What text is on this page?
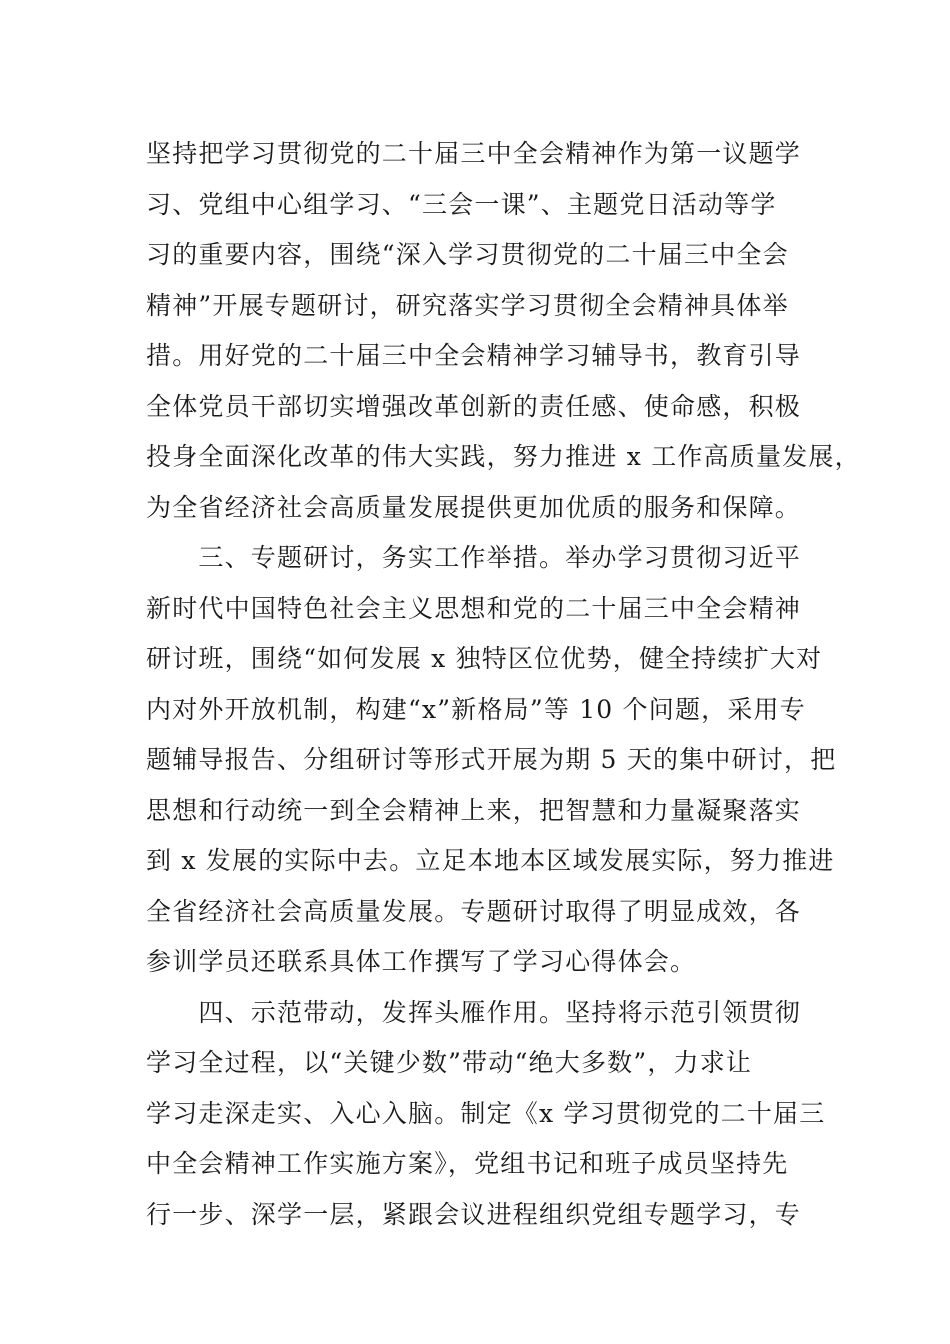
坚持把学习贯彻党的二十届三中全会精神作为第一议题学
习、党组中心组学习、“三会一课”、主题党日活动等学
习的重要内容，围绕“深入学习贯彻党的二十届三中全会
精神”开展专题研讨，研究落实学习贯彻全会精神具体举
措。用好党的二十届三中全会精神学习辅导书，教育引导
全体党员干部切实增强改革创新的责任感、使命感，积极
投身全面深化改革的伟大实践，努力推进 x 工作高质量发展，
为全省经济社会高质量发展提供更加优质的服务和保障。

　　三、专题研讨，务实工作举措。举办学习贯彻习近平
新时代中国特色社会主义思想和党的二十届三中全会精神
研讨班，围绕“如何发展 x 独特区位优势，健全持续扩大对
内对外开放机制，构建“x”新格局”等 10 个问题，采用专
题辅导报告、分组研讨等形式开展为期 5 天的集中研讨，把
思想和行动统一到全会精神上来，把智慧和力量凝聚落实
到 x 发展的实际中去。立足本地本区域发展实际，努力推进
全省经济社会高质量发展。专题研讨取得了明显成效，各
参训学员还联系具体工作撰写了学习心得体会。

　　四、示范带动，发挥头雁作用。坚持将示范引领贯彻
学习全过程，以“关键少数”带动“绝大多数”，力求让
学习走深走实、入心入脑。制定《x 学习贯彻党的二十届三
中全会精神工作实施方案》，党组书记和班子成员坚持先
行一步、深学一层，紧跟会议进程组织党组专题学习，专
